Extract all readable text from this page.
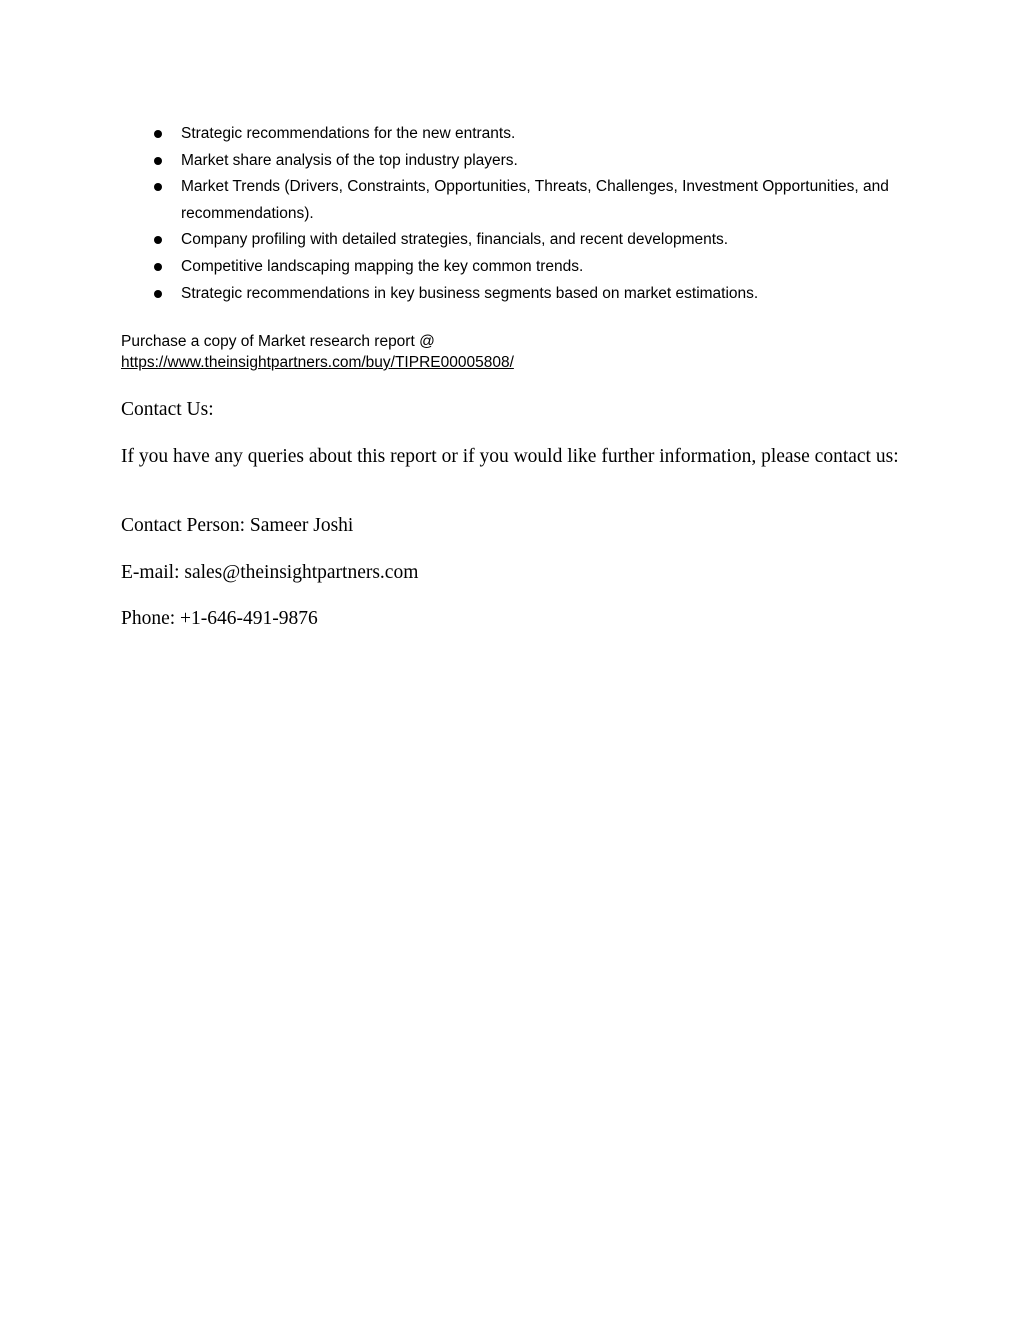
Strategic recommendations for the new entrants.
Market share analysis of the top industry players.
Market Trends (Drivers, Constraints, Opportunities, Threats, Challenges, Investment Opportunities, and recommendations).
Company profiling with detailed strategies, financials, and recent developments.
Competitive landscaping mapping the key common trends.
Strategic recommendations in key business segments based on market estimations.
Purchase a copy of Market research report @
https://www.theinsightpartners.com/buy/TIPRE00005808/

Contact Us:

If you have any queries about this report or if you would like further information, please contact us:

Contact Person: Sameer Joshi

E-mail: sales@theinsightpartners.com

Phone: +1-646-491-9876
